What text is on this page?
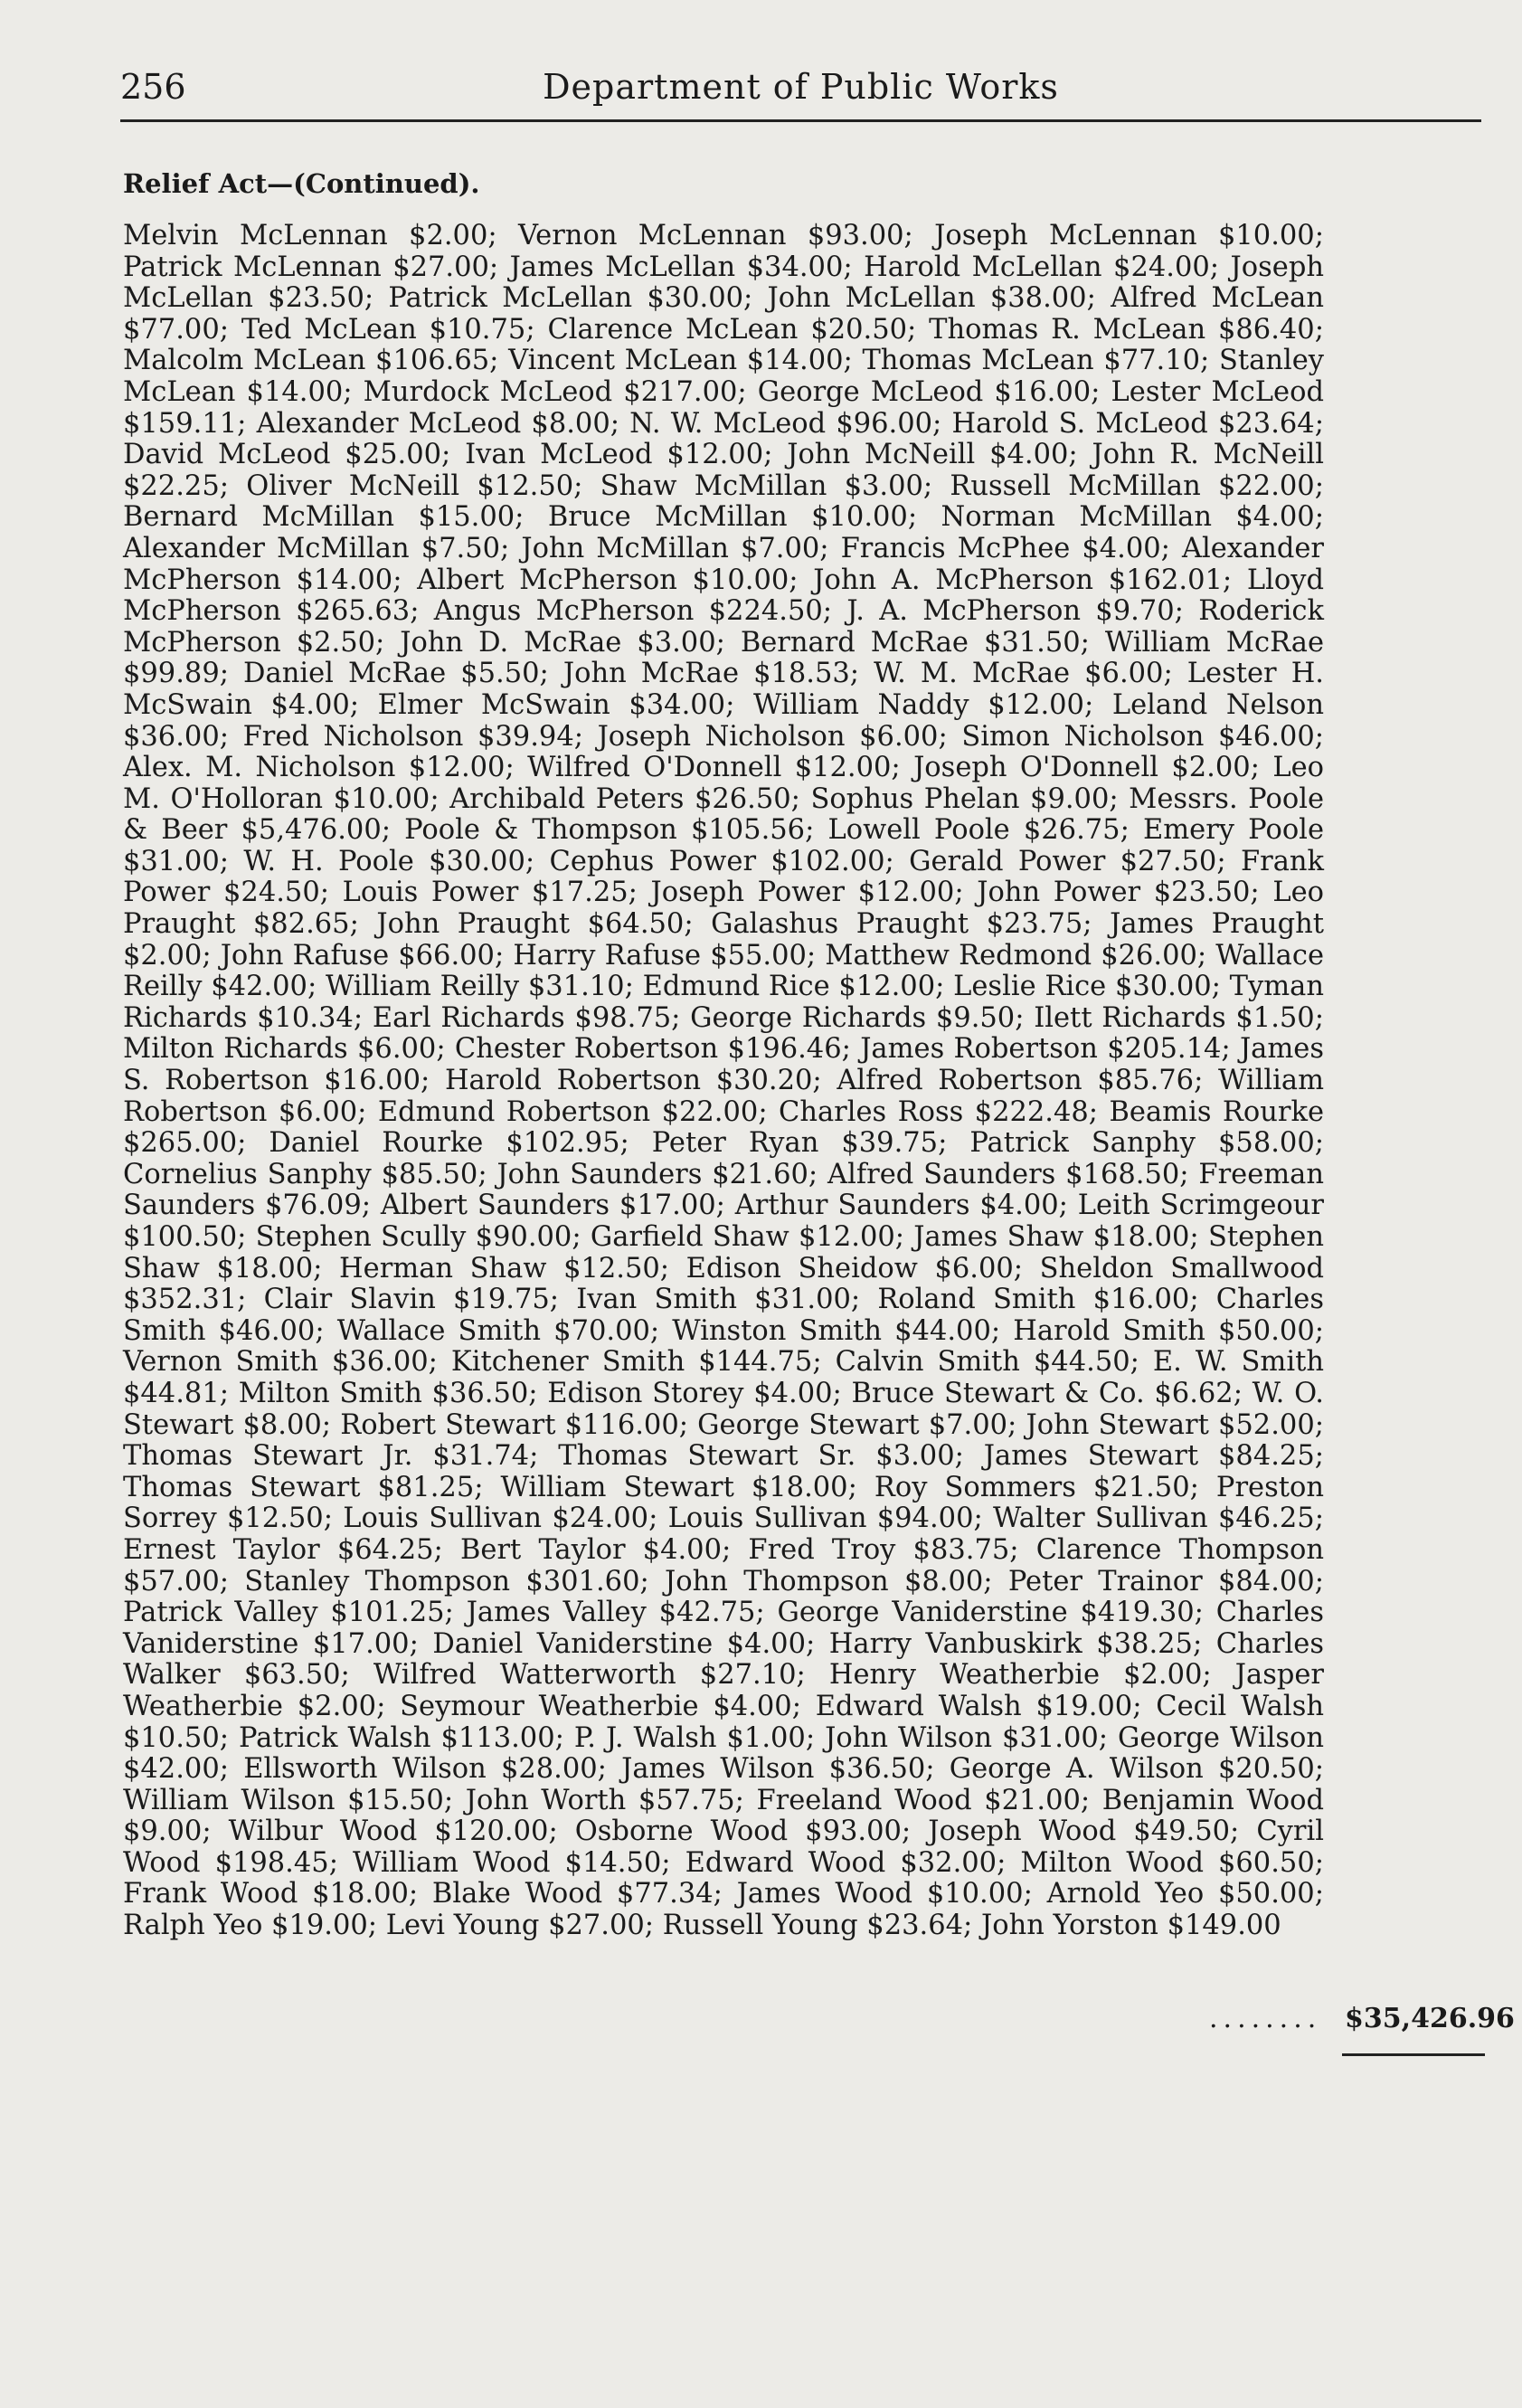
256	Department of Public Works
Relief Act—(Continued).
Melvin McLennan $2.00; Vernon McLennan $93.00; Joseph McLennan $10.00; Patrick McLennan $27.00; James McLellan $34.00; Harold McLellan $24.00; Joseph McLellan $23.50; Patrick McLellan $30.00; John McLellan $38.00; Alfred McLean $77.00; Ted McLean $10.75; Clarence McLean $20.50; Thomas R. McLean $86.40; Malcolm McLean $106.65; Vincent McLean $14.00; Thomas McLean $77.10; Stanley McLean $14.00; Murdock McLeod $217.00; George McLeod $16.00; Lester McLeod $159.11; Alexander McLeod $8.00; N. W. McLeod $96.00; Harold S. McLeod $23.64; David McLeod $25.00; Ivan McLeod $12.00; John McNeill $4.00; John R. McNeill $22.25; Oliver McNeill $12.50; Shaw McMillan $3.00; Russell McMillan $22.00; Bernard McMillan $15.00; Bruce McMillan $10.00; Norman McMillan $4.00; Alexander McMillan $7.50; John McMillan $7.00; Francis McPhee $4.00; Alexander McPherson $14.00; Albert McPherson $10.00; John A. McPherson $162.01; Lloyd McPherson $265.63; Angus McPherson $224.50; J. A. McPherson $9.70; Roderick McPherson $2.50; John D. McRae $3.00; Bernard McRae $31.50; William McRae $99.89; Daniel McRae $5.50; John McRae $18.53; W. M. McRae $6.00; Lester H. McSwain $4.00; Elmer McSwain $34.00; William Naddy $12.00; Leland Nelson $36.00; Fred Nicholson $39.94; Joseph Nicholson $6.00; Simon Nicholson $46.00; Alex. M. Nicholson $12.00; Wilfred O'Donnell $12.00; Joseph O'Donnell $2.00; Leo M. O'Holloran $10.00; Archibald Peters $26.50; Sophus Phelan $9.00; Messrs. Poole & Beer $5,476.00; Poole & Thompson $105.56; Lowell Poole $26.75; Emery Poole $31.00; W. H. Poole $30.00; Cephus Power $102.00; Gerald Power $27.50; Frank Power $24.50; Louis Power $17.25; Joseph Power $12.00; John Power $23.50; Leo Praught $82.65; John Praught $64.50; Galashus Praught $23.75; James Praught $2.00; John Rafuse $66.00; Harry Rafuse $55.00; Matthew Redmond $26.00; Wallace Reilly $42.00; William Reilly $31.10; Edmund Rice $12.00; Leslie Rice $30.00; Tyman Richards $10.34; Earl Richards $98.75; George Richards $9.50; Ilett Richards $1.50; Milton Richards $6.00; Chester Robertson $196.46; James Robertson $205.14; James S. Robertson $16.00; Harold Robertson $30.20; Alfred Robertson $85.76; William Robertson $6.00; Edmund Robertson $22.00; Charles Ross $222.48; Beamis Rourke $265.00; Daniel Rourke $102.95; Peter Ryan $39.75; Patrick Sanphy $58.00; Cornelius Sanphy $85.50; John Saunders $21.60; Alfred Saunders $168.50; Freeman Saunders $76.09; Albert Saunders $17.00; Arthur Saunders $4.00; Leith Scrimgeour $100.50; Stephen Scully $90.00; Garfield Shaw $12.00; James Shaw $18.00; Stephen Shaw $18.00; Herman Shaw $12.50; Edison Sheidow $6.00; Sheldon Smallwood $352.31; Clair Slavin $19.75; Ivan Smith $31.00; Roland Smith $16.00; Charles Smith $46.00; Wallace Smith $70.00; Winston Smith $44.00; Harold Smith $50.00; Vernon Smith $36.00; Kitchener Smith $144.75; Calvin Smith $44.50; E. W. Smith $44.81; Milton Smith $36.50; Edison Storey $4.00; Bruce Stewart & Co. $6.62; W. O. Stewart $8.00; Robert Stewart $116.00; George Stewart $7.00; John Stewart $52.00; Thomas Stewart Jr. $31.74; Thomas Stewart Sr. $3.00; James Stewart $84.25; Thomas Stewart $81.25; William Stewart $18.00; Roy Sommers $21.50; Preston Sorrey $12.50; Louis Sullivan $24.00; Louis Sullivan $94.00; Walter Sullivan $46.25; Ernest Taylor $64.25; Bert Taylor $4.00; Fred Troy $83.75; Clarence Thompson $57.00; Stanley Thompson $301.60; John Thompson $8.00; Peter Trainor $84.00; Patrick Valley $101.25; James Valley $42.75; George Vaniderstine $419.30; Charles Vaniderstine $17.00; Daniel Vaniderstine $4.00; Harry Vanbuskirk $38.25; Charles Walker $63.50; Wilfred Watterworth $27.10; Henry Weatherbie $2.00; Jasper Weatherbie $2.00; Seymour Weatherbie $4.00; Edward Walsh $19.00; Cecil Walsh $10.50; Patrick Walsh $113.00; P. J. Walsh $1.00; John Wilson $31.00; George Wilson $42.00; Ellsworth Wilson $28.00; James Wilson $36.50; George A. Wilson $20.50; William Wilson $15.50; John Worth $57.75; Freeland Wood $21.00; Benjamin Wood $9.00; Wilbur Wood $120.00; Osborne Wood $93.00; Joseph Wood $49.50; Cyril Wood $198.45; William Wood $14.50; Edward Wood $32.00; Milton Wood $60.50; Frank Wood $18.00; Blake Wood $77.34; James Wood $10.00; Arnold Yeo $50.00; Ralph Yeo $19.00; Levi Young $27.00; Russell Young $23.64; John Yorston $149.00
........ $35,426.96
